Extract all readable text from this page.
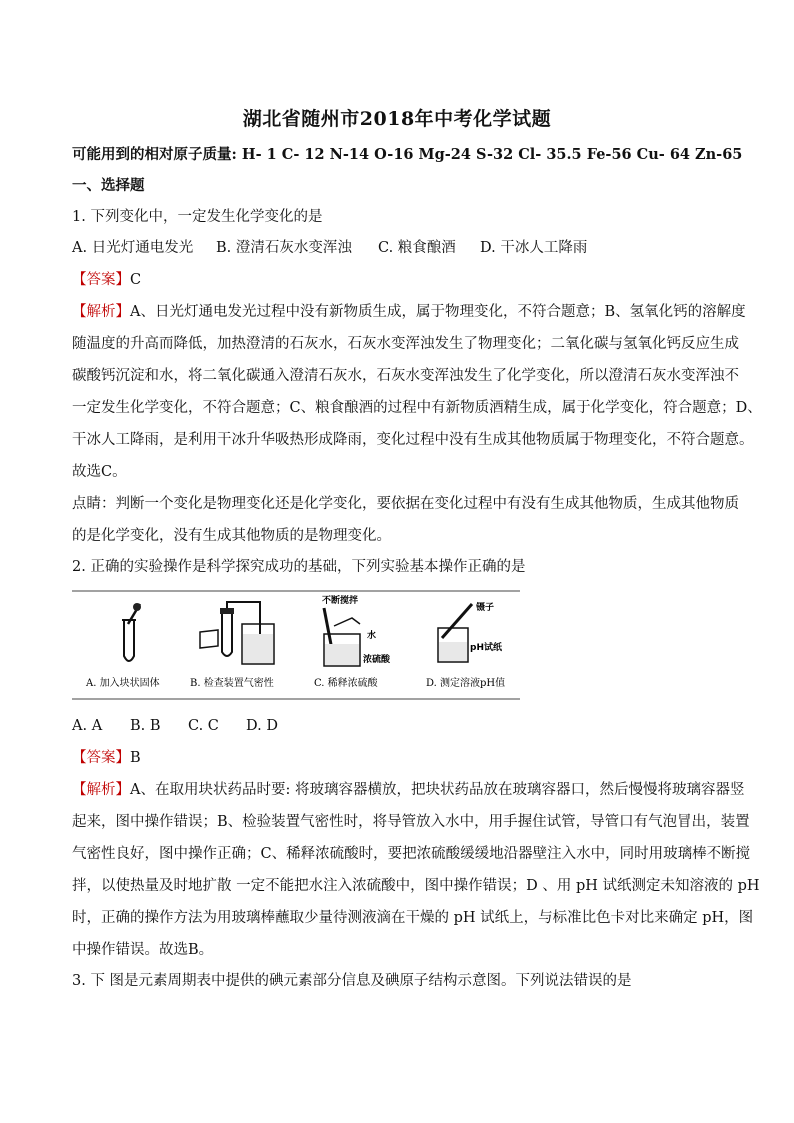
湖北省随州市2018年中考化学试题
可能用到的相对原子质量: H- 1 C- 12 N-14 O-16 Mg-24 S-32 Cl- 35.5 Fe-56 Cu- 64 Zn-65
一、选择题
1. 下列变化中，一定发生化学变化的是
A. 日光灯通电发光 B. 澄清石灰水变浑浊 C. 粮食酿酒 D. 干冰人工降雨
【答案】C
【解析】A、日光灯通电发光过程中没有新物质生成，属于物理变化，不符合题意；B、氢氧化钙的溶解度
随温度的升高而降低，加热澄清的石灰水，石灰水变浑浊发生了物理变化；二氧化碳与氢氧化钙反应生成
碳酸钙沉淀和水，将二氧化碳通入澄清石灰水，石灰水变浑浊发生了化学变化，所以澄清石灰水变浑浊不
一定发生化学变化，不符合题意；C、粮食酿酒的过程中有新物质酒精生成，属于化学变化，符合题意；D、
干冰人工降雨，是利用干冰升华吸热形成降雨，变化过程中没有生成其他物质属于物理变化，不符合题意。
故选C。
点睛：判断一个变化是物理变化还是化学变化，要依据在变化过程中有没有生成其他物质，生成其他物质
的是化学变化，没有生成其他物质的是物理变化。
2. 正确的实验操作是科学探究成功的基础，下列实验基本操作正确的是
不断搅拌
水
浓硫酸
镊子
pH试纸
A. 加入块状固体	B. 检查装置气密性	C. 稀释浓硫酸	D. 测定溶液pH值
A. A B. B C. C D. D
【答案】B
【解析】A、在取用块状药品时要: 将玻璃容器横放，把块状药品放在玻璃容器口，然后慢慢将玻璃容器竖
起来，图中操作错误；B、检验装置气密性时，将导管放入水中，用手握住试管，导管口有气泡冒出，装置
气密性良好，图中操作正确；C、稀释浓硫酸时，要把浓硫酸缓缓地沿器壁注入水中，同时用玻璃棒不断搅
拌，以使热量及时地扩散 一定不能把水注入浓硫酸中，图中操作错误；D 、用 pH 试纸测定未知溶液的 pH
时，正确的操作方法为用玻璃棒蘸取少量待测液滴在干燥的 pH 试纸上，与标准比色卡对比来确定 pH，图
中操作错误。故选B。
3. 下 图是元素周期表中提供的碘元素部分信息及碘原子结构示意图。下列说法错误的是
